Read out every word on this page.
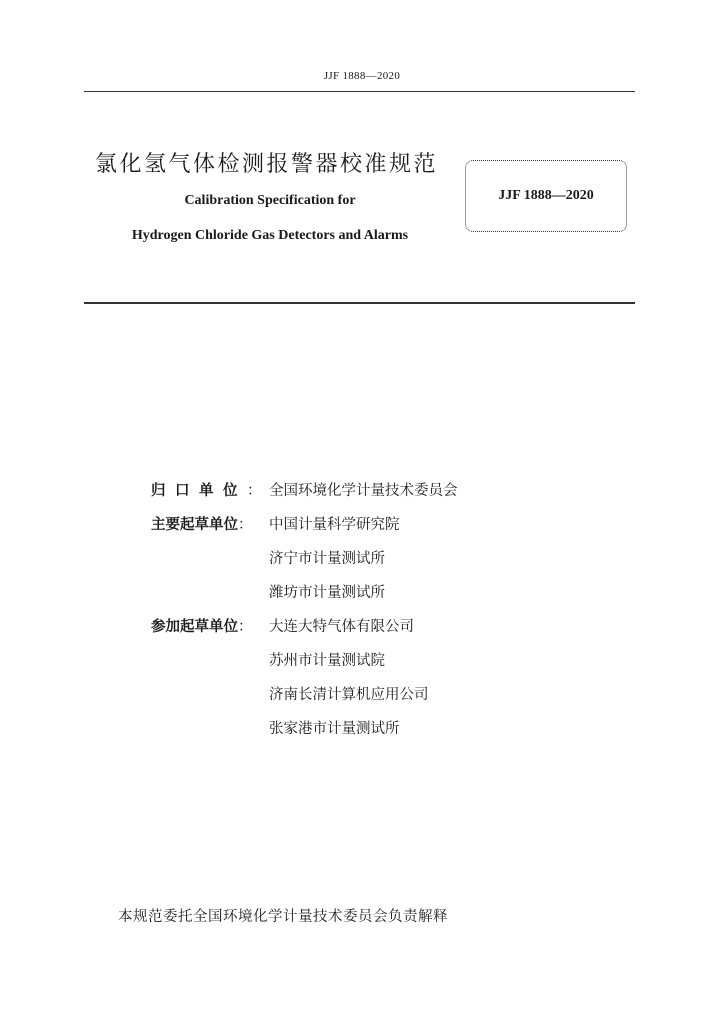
JJF 1888—2020
氯化氢气体检测报警器校准规范
Calibration Specification for
Hydrogen Chloride Gas Detectors and Alarms
JJF 1888—2020
归口单位： 全国环境化学计量技术委员会
主要起草单位：	中国计量科学研究院
济宁市计量测试所
潍坊市计量测试所
参加起草单位：	大连大特气体有限公司
苏州市计量测试院
济南长清计算机应用公司
张家港市计量测试所
本规范委托全国环境化学计量技术委员会负责解释
